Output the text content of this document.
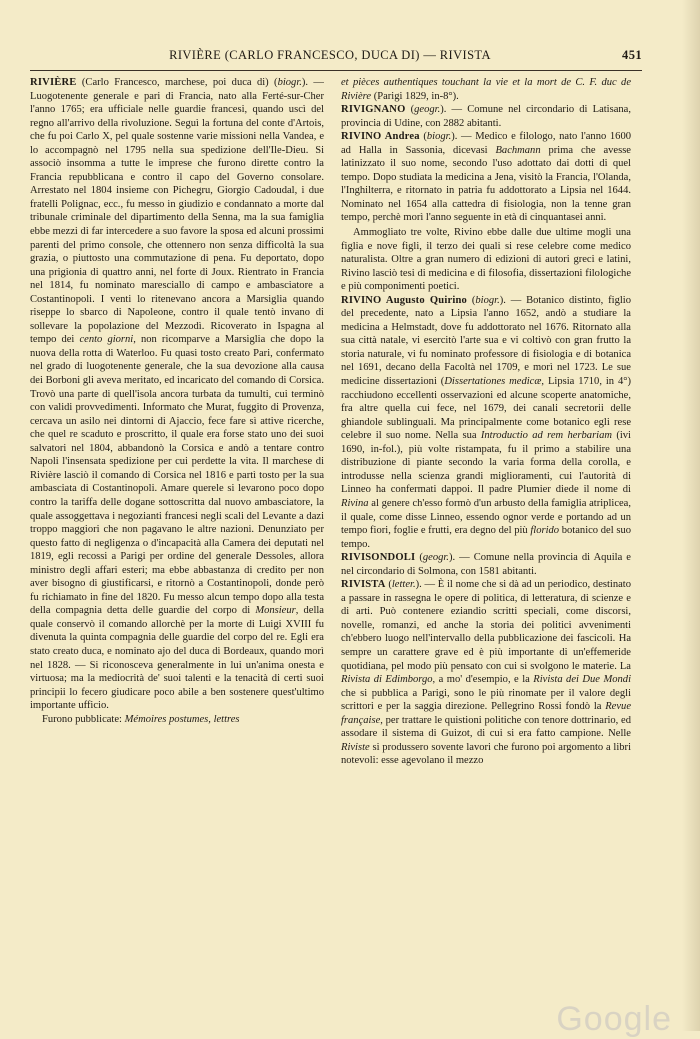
RIVIÈRE (CARLO FRANCESCO, DUCA DI) — RIVISTA	451

RIVIÈRE (Carlo Francesco, marchese, poi duca di) (biogr.). — Luogotenente generale e pari di Francia, nato alla Ferté-sur-Cher l'anno 1765; era ufficiale nelle guardie francesi, quando uscì del regno all'arrivo della rivoluzione. Seguì la fortuna del conte d'Artois, che fu poi Carlo X, pel quale sostenne varie missioni nella Vandea, e lo accompagnò nel 1795 nella sua spedizione dell'Ile-Dieu. Si associò insomma a tutte le imprese che furono dirette contro la Francia repubblicana e contro il capo del Governo consolare. Arrestato nel 1804 insieme con Pichegru, Giorgio Cadoudal, i due fratelli Polignac, ecc., fu messo in giudizio e condannato a morte dal tribunale criminale del dipartimento della Senna, ma la sua famiglia ebbe mezzi di far intercedere a suo favore la sposa ed alcuni prossimi parenti del primo console, che ottennero non senza difficoltà la sua grazia, o piuttosto una commutazione di pena. Fu deportato, dopo una prigionia di quattro anni, nel forte di Joux. Rientrato in Francia nel 1814, fu nominato maresciallo di campo e ambasciatore a Costantinopoli. I venti lo ritenevano ancora a Marsiglia quando riseppe lo sbarco di Napoleone, contro il quale tentò invano di sollevare la popolazione del Mezzodì. Ricoverato in Ispagna al tempo dei cento giorni, non ricomparve a Marsiglia che dopo la nuova della rotta di Waterloo. Fu quasi tosto creato Pari, confermato nel grado di luogotenente generale, che la sua devozione alla causa dei Borboni gli aveva meritato, ed incaricato del comando di Corsica. Trovò una parte di quell'isola ancora turbata da tumulti, cui terminò con validi provvedimenti. Informato che Murat, fuggito di Provenza, cercava un asilo nei dintorni di Ajaccio, fece fare sì attive ricerche, che quel re scaduto e proscritto, il quale era forse stato uno dei suoi salvatori nel 1804, abbandonò la Corsica e andò a tentare contro Napoli l'insensata spedizione per cui perdette la vita. Il marchese di Rivière lasciò il comando di Corsica nel 1816 e partì tosto per la sua ambasciata di Costantinopoli. Amare querele si levarono poco dopo contro la tariffa delle dogane sottoscritta dal nuovo ambasciatore, la quale assoggettava i negozianti francesi negli scali del Levante a dazi troppo maggiori che non pagavano le altre nazioni. Denunziato per questo fatto di negligenza o d'incapacità alla Camera dei deputati nel 1819, egli recossi a Parigi per ordine del generale Dessoles, allora ministro degli affari esteri; ma ebbe abbastanza di credito per non aver bisogno di giustificarsi, e ritornò a Costantinopoli, donde però fu richiamato in fine del 1820. Fu messo alcun tempo dopo alla testa della compagnia detta delle guardie del corpo di Monsieur, della quale conservò il comando allorchè per la morte di Luigi XVIII fu divenuta la quinta compagnia delle guardie del corpo del re. Egli era stato creato duca, e nominato ajo del duca di Bordeaux, quando morì nel 1828. — Si riconosceva generalmente in lui un'anima onesta e virtuosa; ma la mediocrità de' suoi talenti e la tenacità di certi suoi principii lo fecero giudicare poco abile a ben sostenere quest'ultimo importante ufficio.

Furono pubblicate: Mémoires postumes, lettres

et pièces authentiques touchant la vie et la mort de C. F. duc de Rivière (Parigi 1829, in-8°).

RIVIGNANO (geogr.). — Comune nel circondario di Latisana, provincia di Udine, con 2882 abitanti.

RIVINO Andrea (biogr.). — Medico e filologo, nato l'anno 1600 ad Halla in Sassonia, dicevasi Bachmann prima che avesse latinizzato il suo nome, secondo l'uso adottato dai dotti di quel tempo. Dopo studiata la medicina a Jena, visitò la Francia, l'Olanda, l'Inghilterra, e ritornato in patria fu addottorato a Lipsia nel 1644. Nominato nel 1654 alla cattedra di fisiologia, non la tenne gran tempo, perchè morì l'anno seguente in età di cinquantasei anni.

Ammogliato tre volte, Rivino ebbe dalle due ultime mogli una figlia e nove figli, il terzo dei quali si rese celebre come medico naturalista. Oltre a gran numero di edizioni di autori greci e latini, Rivino lasciò tesi di medicina e di filosofia, dissertazioni filologiche e più componimenti poetici.

RIVINO Augusto Quirino (biogr.). — Botanico distinto, figlio del precedente, nato a Lipsia l'anno 1652, andò a studiare la medicina a Helmstadt, dove fu addottorato nel 1676. Ritornato alla sua città natale, vi esercitò l'arte sua e vi coltivò con gran frutto la storia naturale, vi fu nominato professore di fisiologia e di botanica nel 1691, decano della Facoltà nel 1709, e morì nel 1723. Le sue medicine dissertazioni (Dissertationes medicæ, Lipsia 1710, in 4°) racchiudono eccellenti osservazioni ed alcune scoperte anatomiche, fra altre quella cui fece, nel 1679, dei canali secretorii delle ghiandole sublinguali. Ma principalmente come botanico egli rese celebre il suo nome. Nella sua Introductio ad rem herbariam (ivi 1690, in-fol.), più volte ristampata, fu il primo a stabilire una distribuzione di piante secondo la varia forma della corolla, e introdusse nella scienza grandi miglioramenti, cui l'autorità di Linneo ha confermati dappoi. Il padre Plumier diede il nome di Rivina al genere ch'esso formò d'un arbusto della famiglia atriplicea, il quale, come disse Linneo, essendo ognor verde e portando ad un tempo fiori, foglie e frutti, era degno del più florido botanico del suo tempo.

RIVISONDOLI (geogr.). — Comune nella provincia di Aquila e nel circondario di Solmona, con 1581 abitanti.

RIVISTA (letter.). — È il nome che si dà ad un periodico, destinato a passare in rassegna le opere di politica, di letteratura, di scienze e di arti. Può contenere eziandio scritti speciali, come discorsi, novelle, romanzi, ed anche la storia dei politici avvenimenti ch'ebbero luogo nell'intervallo della pubblicazione dei fascicoli. Ha sempre un carattere grave ed è più importante di un'effemeride quotidiana, pel modo più pensato con cui si svolgono le materie. La Rivista di Edimborgo, a mo' d'esempio, e la Rivista dei Due Mondi che si pubblica a Parigi, sono le più rinomate per il valore degli scrittori e per la saggia direzione. Pellegrino Rossi fondò la Revue française, per trattare le quistioni politiche con tenore dottrinario, ed assodare il sistema di Guizot, di cui si era fatto campione. Nelle Riviste si produssero sovente lavori che furono poi argomento a libri notevoli: esse agevolano il mezzo

Google
